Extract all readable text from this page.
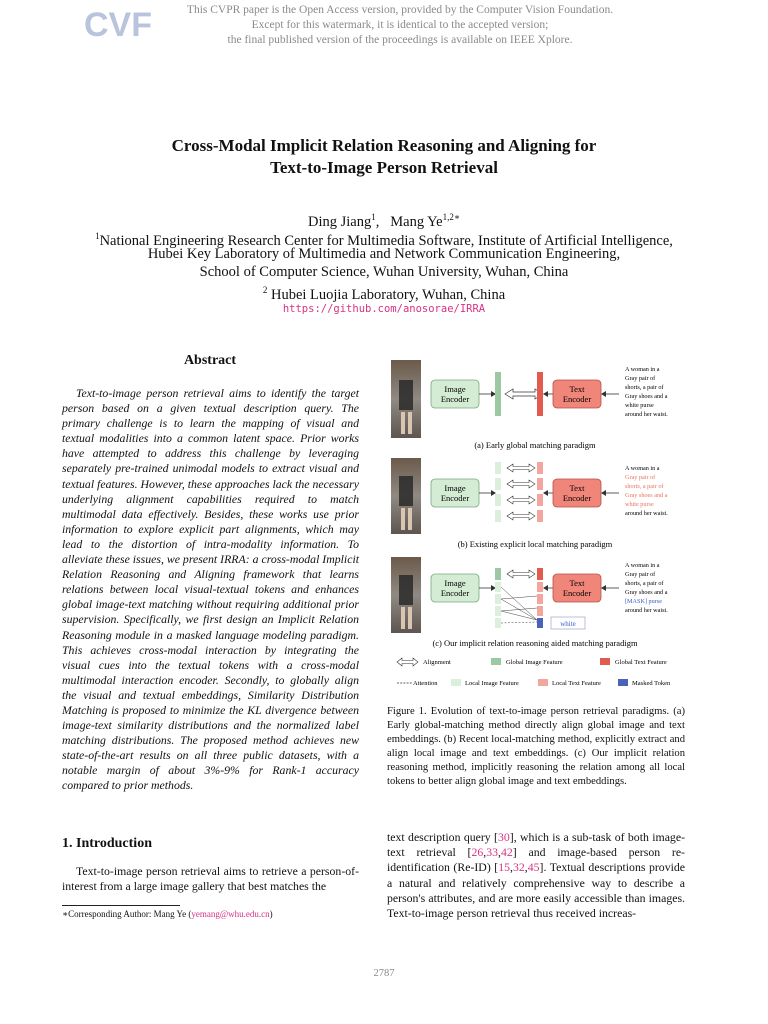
CVF	This CVPR paper is the Open Access version, provided by the Computer Vision Foundation.
Except for this watermark, it is identical to the accepted version;
the final published version of the proceedings is available on IEEE Xplore.
Cross-Modal Implicit Relation Reasoning and Aligning for
Text-to-Image Person Retrieval
Ding Jiang$^1$,   Mang $Ye^{1,2∗}$
$^1$National Engineering Research Center for Multimedia Software, Institute of Artificial Intelligence,
Hubei Key Laboratory of Multimedia and Network Communication Engineering,
School of Computer Science, Wuhan University, Wuhan, China
$^2$ Hubei Luojia Laboratory, Wuhan, China
https://github.com/anosorae/IRRA
Abstract
Text-to-image person retrieval aims to identify the target person based on a given textual description query. The primary challenge is to learn the mapping of visual and textual modalities into a common latent space. Prior works have attempted to address this challenge by leveraging separately pre-trained unimodal models to extract visual and textual features. However, these approaches lack the necessary underlying alignment capabilities required to match multimodal data effectively. Besides, these works use prior information to explore explicit part alignments, which may lead to the distortion of intra-modality information. To alleviate these issues, we present IRRA: a cross-modal Implicit Relation Reasoning and Aligning framework that learns relations between local visual-textual tokens and enhances global image-text matching without requiring additional prior supervision. Specifically, we first design an Implicit Relation Reasoning module in a masked language modeling paradigm. This achieves cross-modal interaction by integrating the visual cues into the textual tokens with a cross-modal multimodal interaction encoder. Secondly, to globally align the visual and textual embeddings, Similarity Distribution Matching is proposed to minimize the KL divergence between image-text similarity distributions and the normalized label matching distributions. The proposed method achieves new state-of-the-art results on all three public datasets, with a notable margin of about 3%-9% for Rank-1 accuracy compared to prior methods.
1. Introduction
Text-to-image person retrieval aims to retrieve a person-of-interest from a large image gallery that best matches the
∗Corresponding Author: Mang Ye (yemang@whu.edu.cn)
Image
Encoder
Text
Encoder
A woman in a
Gray pair of
shorts, a pair of
Gray shoes and a
white purse
around her waist.
(a) Early global matching paradigm
Image
Encoder
Text
Encoder
A woman in a
Gray pair of
shorts, a pair of
Gray shoes and a
white purse
around her waist.
(b) Existing explicit local matching paradigm
Image
Encoder
white
Text
Encoder
A woman in a
Gray pair of
shorts, a pair of
Gray shoes and a
[MASK] purse
around her waist.
(c) Our implicit relation reasoning aided matching paradigm
Alignment	Global Image Feature	Global Text Feature
Attention	Local Image Feature	Local Text Feature	Masked Token
Figure 1. Evolution of text-to-image person retrieval paradigms. (a) Early global-matching method directly align global image and text embeddings. (b) Recent local-matching method, explicitly extract and align local image and text embeddings. (c) Our implicit relation reasoning method, implicitly reasoning the relation among all local tokens to better align global image and text embeddings.
text description query [30], which is a sub-task of both image-text retrieval [26,33,42] and image-based person re-identification (Re-ID) [15,32,45]. Textual descriptions provide a natural and relatively comprehensive way to describe a person's attributes, and are more easily accessible than images. Text-to-image person retrieval thus received increas-
2787
